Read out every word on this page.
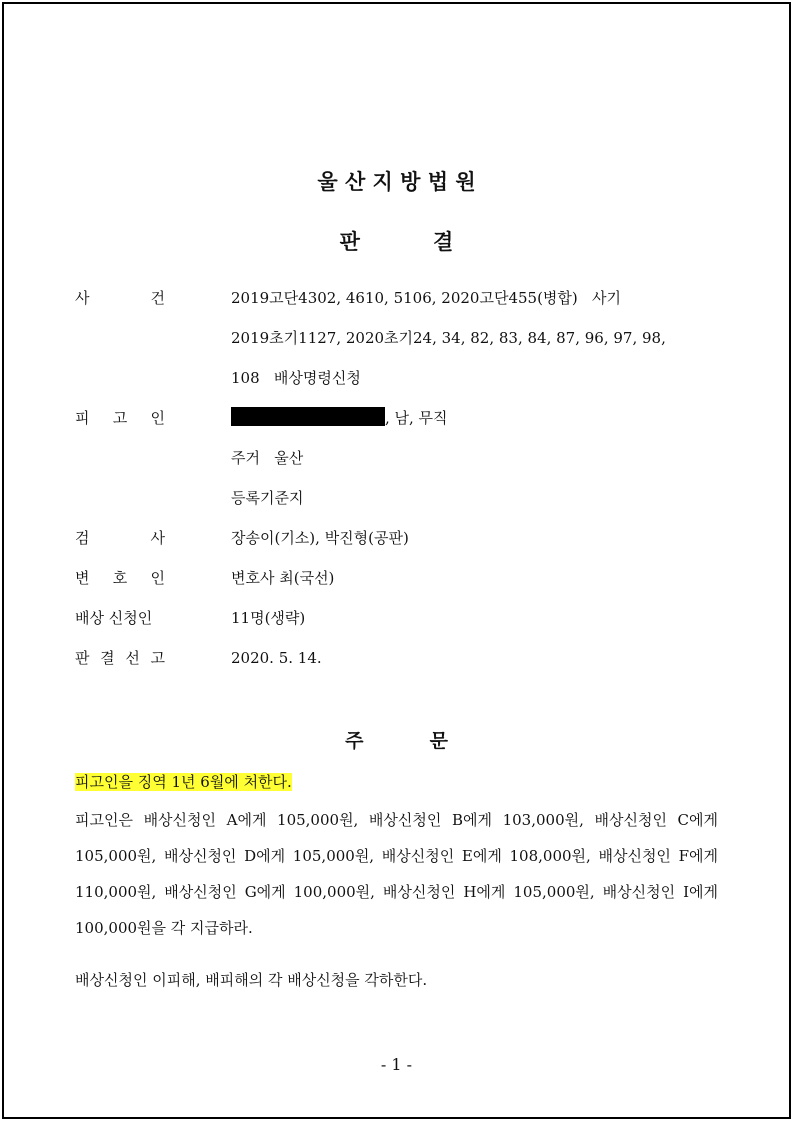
울 산 지 방 법 원
판          결
사	건	2019고단4302, 4610, 5106, 2020고단455(병합)   사기
2019초기1127, 2020초기24, 34, 82, 83, 84, 87, 96, 97, 98,
108   배상명령신청
피 고 인	, 남, 무직
주거   울산
등록기준지
검	사	장송이(기소), 박진형(공판)
변 호 인	변호사 최(국선)
배상 신청인	11명(생략)
판 결 선 고	2020. 5. 14.
주          문
피고인을 징역 1년 6월에 처한다.
피고인은 배상신청인 A에게 105,000원, 배상신청인 B에게 103,000원, 배상신청인 C에게 105,000원, 배상신청인 D에게 105,000원, 배상신청인 E에게 108,000원, 배상신청인 F에게 110,000원, 배상신청인 G에게 100,000원, 배상신청인 H에게 105,000원, 배상신청인 I에게 100,000원을 각 지급하라.
배상신청인 이피해, 배피해의 각 배상신청을 각하한다.
- 1 -
